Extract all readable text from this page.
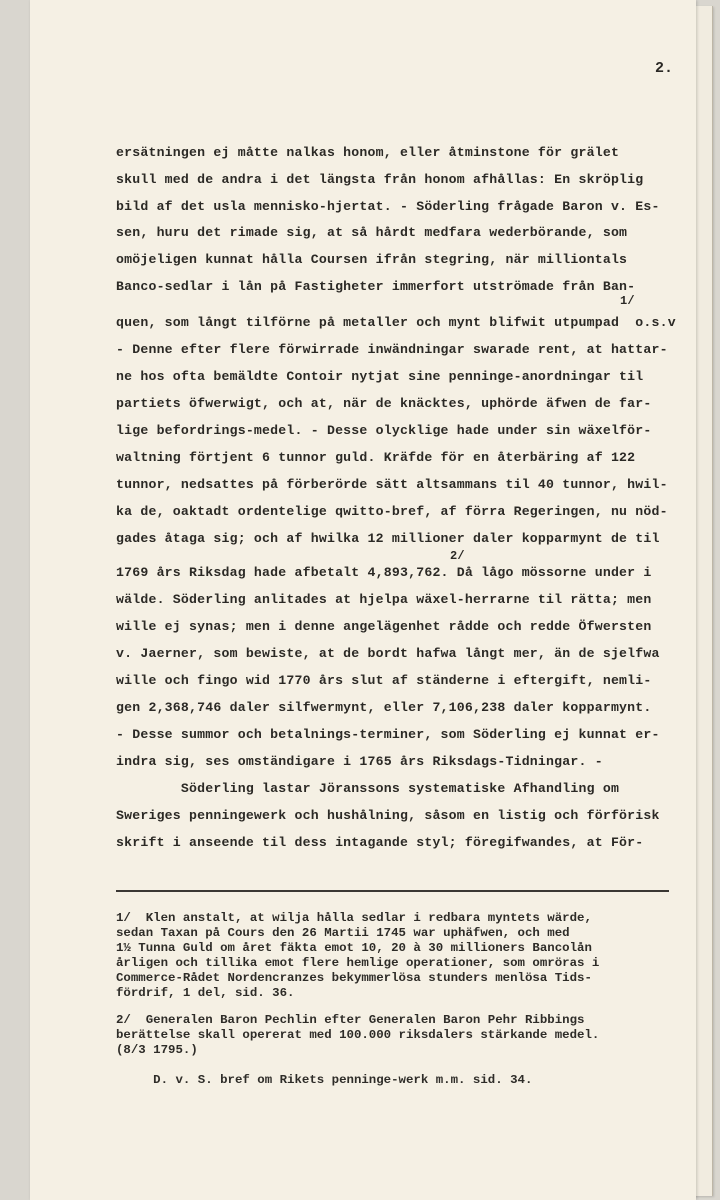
2.
ersätningen ej måtte nalkas honom, eller åtminstone för grälet
skull med de andra i det längsta från honom afhållas: En skröplig
bild af det usla mennisko-hjertat. - Söderling frågade Baron v. Es-
sen, huru det rimade sig, at så hårdt medfara wederbörande, som
omöjeligen kunnat hålla Coursen ifrån stegring, när milliontals
Banco-sedlar i lån på Fastigheter immerfort utströmade från Ban-
quen, som långt tilförne på metaller och mynt blifwit utpumpad  o.s.v
- Denne efter flere förwirrade inwändningar swarade rent, at hattar-
ne hos ofta bemäldte Contoir nytjat sine penninge-anordningar til
partiets öfwerwigt, och at, när de knäcktes, uphörde äfwen de far-
lige befordrings-medel. - Desse olycklige hade under sin wäxelför-
waltning förtjent 6 tunnor guld. Kräfde för en återbäring af 122
tunnor, nedsattes på förberörde sätt altsammans til 40 tunnor, hwil-
ka de, oaktadt ordentelige qwitto-bref, af förra Regeringen, nu nöd-
gades åtaga sig; och af hwilka 12 millioner daler kopparmynt de til
1769 års Riksdag hade afbetalt 4,893,762. Då lågo mössorne under i
wälde. Söderling anlitades at hjelpa wäxel-herrarne til rätta; men
wille ej synas; men i denne angelägenhet rådde och redde Öfwersten
v. Jaerner, som bewiste, at de bordt hafwa långt mer, än de sjelfwa
wille och fingo wid 1770 års slut af ständerne i eftergift, nemli-
gen 2,368,746 daler silfwermynt, eller 7,106,238 daler kopparmynt.
- Desse summor och betalnings-terminer, som Söderling ej kunnat er-
indra sig, ses omständigare i 1765 års Riksdags-Tidningar. -
Söderling lastar Jöranssons systematiske Afhandling om
Sweriges penningewerk och hushålning, såsom en listig och förförisk
skrift i anseende til dess intagande styl; föregifwandes, at För-
1/
2/
1/  Klen anstalt, at wilja hålla sedlar i redbara myntets wärde,
sedan Taxan på Cours den 26 Martii 1745 war uphäfwen, och med
1½ Tunna Guld om året fäkta emot 10, 20 à 30 millioners Bancolån
årligen och tillika emot flere hemlige operationer, som omröras i
Commerce-Rådet Nordencranzes bekymmerlösa stunders menlösa Tids-
fördrif, 1 del, sid. 36.
2/  Generalen Baron Pechlin efter Generalen Baron Pehr Ribbings
berättelse skall opererat med 100.000 riksdalers stärkande medel.
(8/3 1795.)
D. v. S. bref om Rikets penninge-werk m.m. sid. 34.
